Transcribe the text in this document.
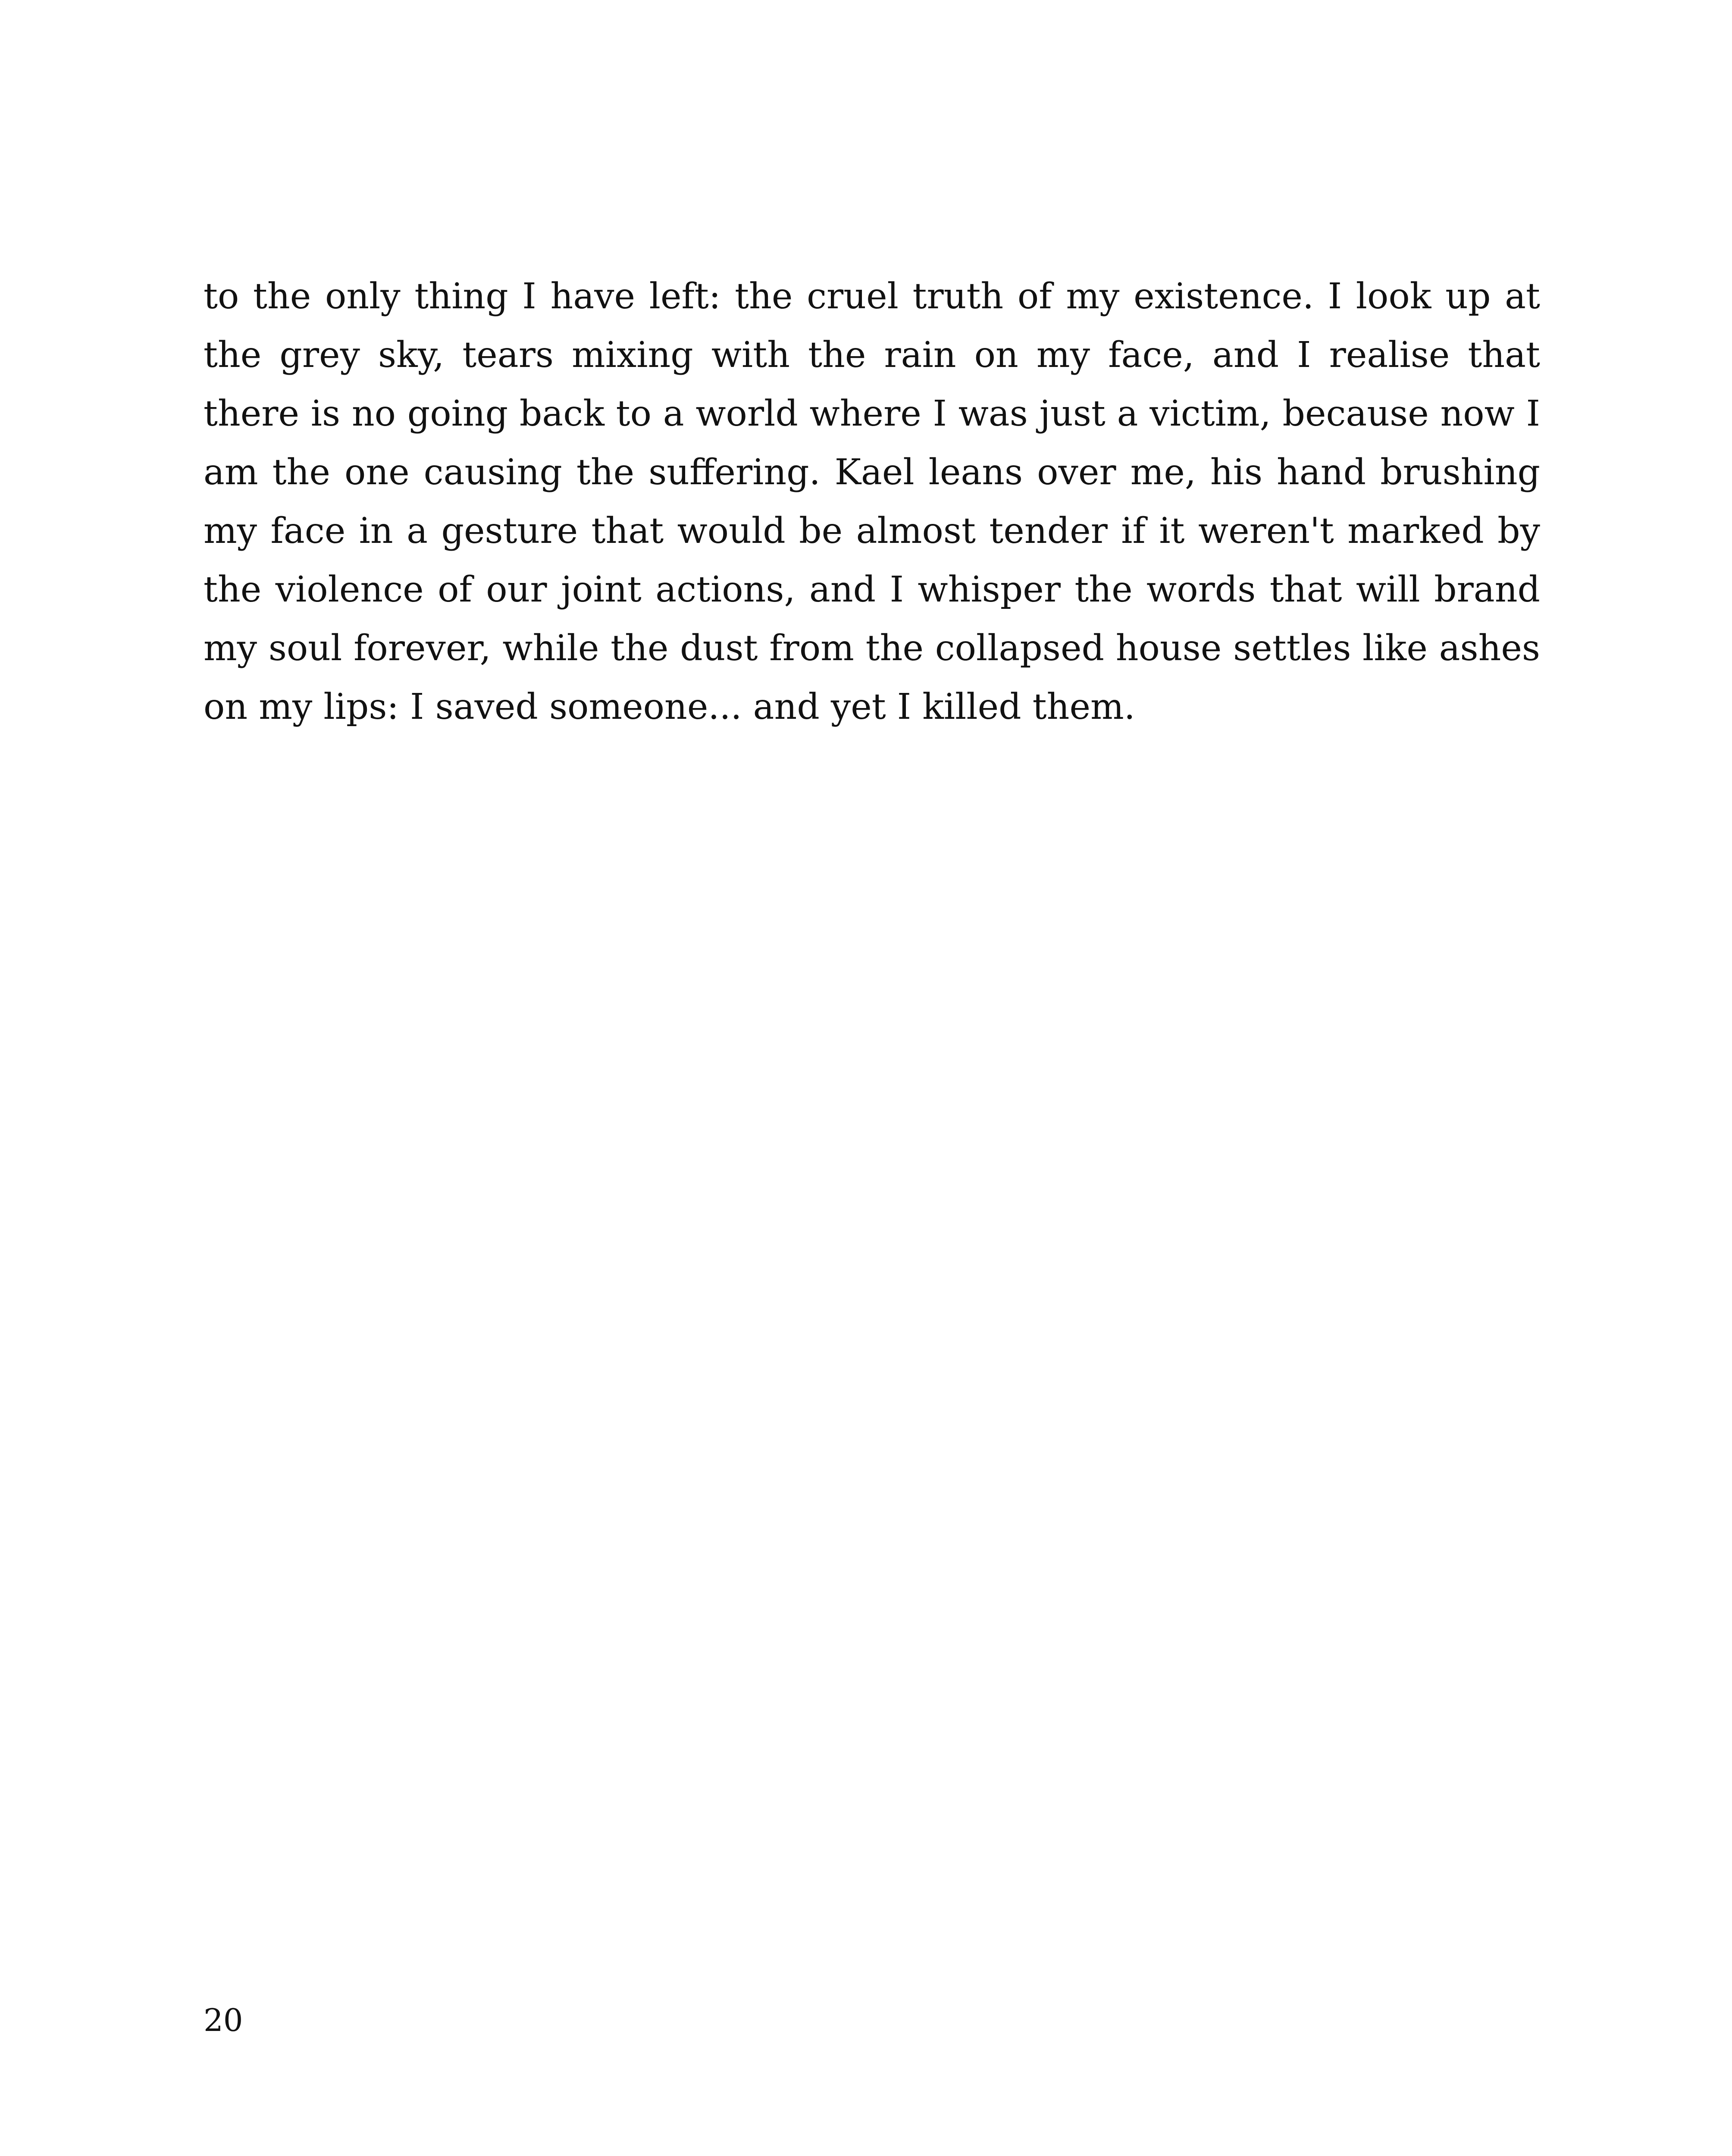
to the only thing I have left: the cruel truth of my existence. I look up at the grey sky, tears mixing with the rain on my face, and I realise that there is no going back to a world where I was just a victim, because now I am the one causing the suffering. Kael leans over me, his hand brushing my face in a gesture that would be almost tender if it weren't marked by the violence of our joint actions, and I whisper the words that will brand my soul forever, while the dust from the collapsed house settles like ashes on my lips: I saved someone... and yet I killed them.

20
